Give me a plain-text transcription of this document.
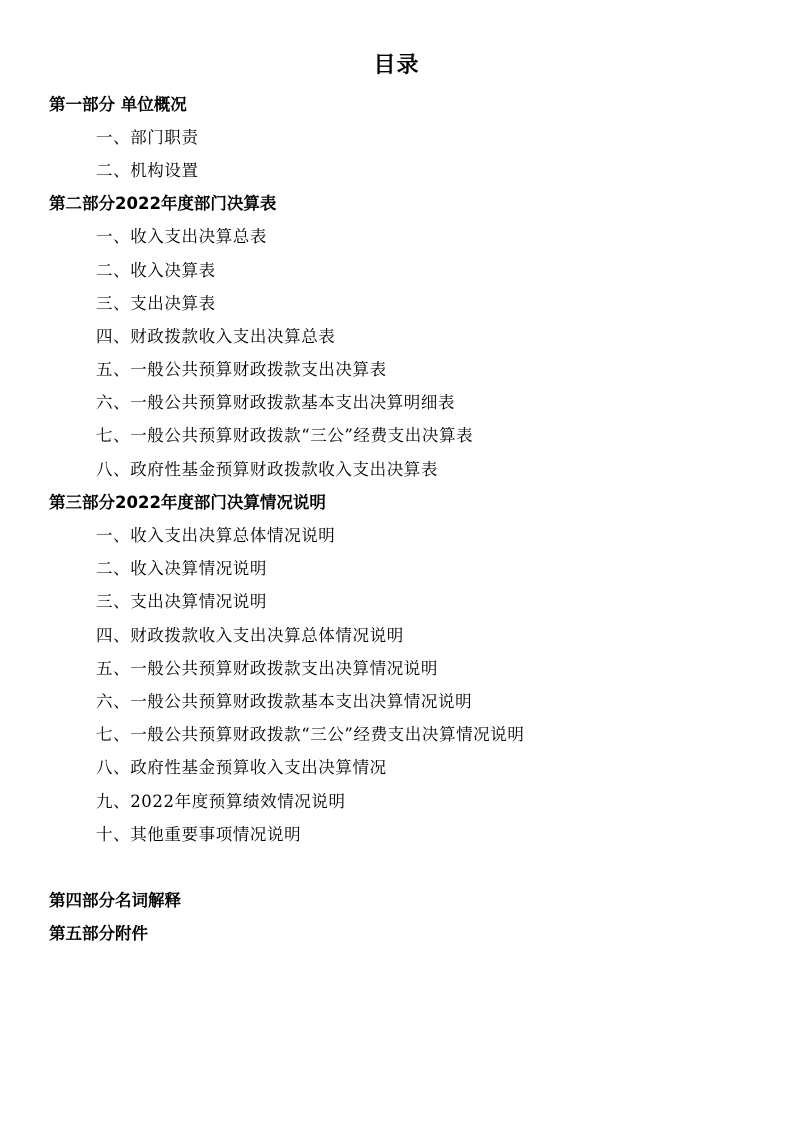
目录
第一部分 单位概况
一、部门职责
二、机构设置
第二部分2022年度部门决算表
一、收入支出决算总表
二、收入决算表
三、支出决算表
四、财政拨款收入支出决算总表
五、一般公共预算财政拨款支出决算表
六、一般公共预算财政拨款基本支出决算明细表
七、一般公共预算财政拨款“三公”经费支出决算表
八、政府性基金预算财政拨款收入支出决算表
第三部分2022年度部门决算情况说明
一、收入支出决算总体情况说明
二、收入决算情况说明
三、支出决算情况说明
四、财政拨款收入支出决算总体情况说明
五、一般公共预算财政拨款支出决算情况说明
六、一般公共预算财政拨款基本支出决算情况说明
七、一般公共预算财政拨款“三公”经费支出决算情况说明
八、政府性基金预算收入支出决算情况
九、2022年度预算绩效情况说明
十、其他重要事项情况说明
第四部分名词解释
第五部分附件
